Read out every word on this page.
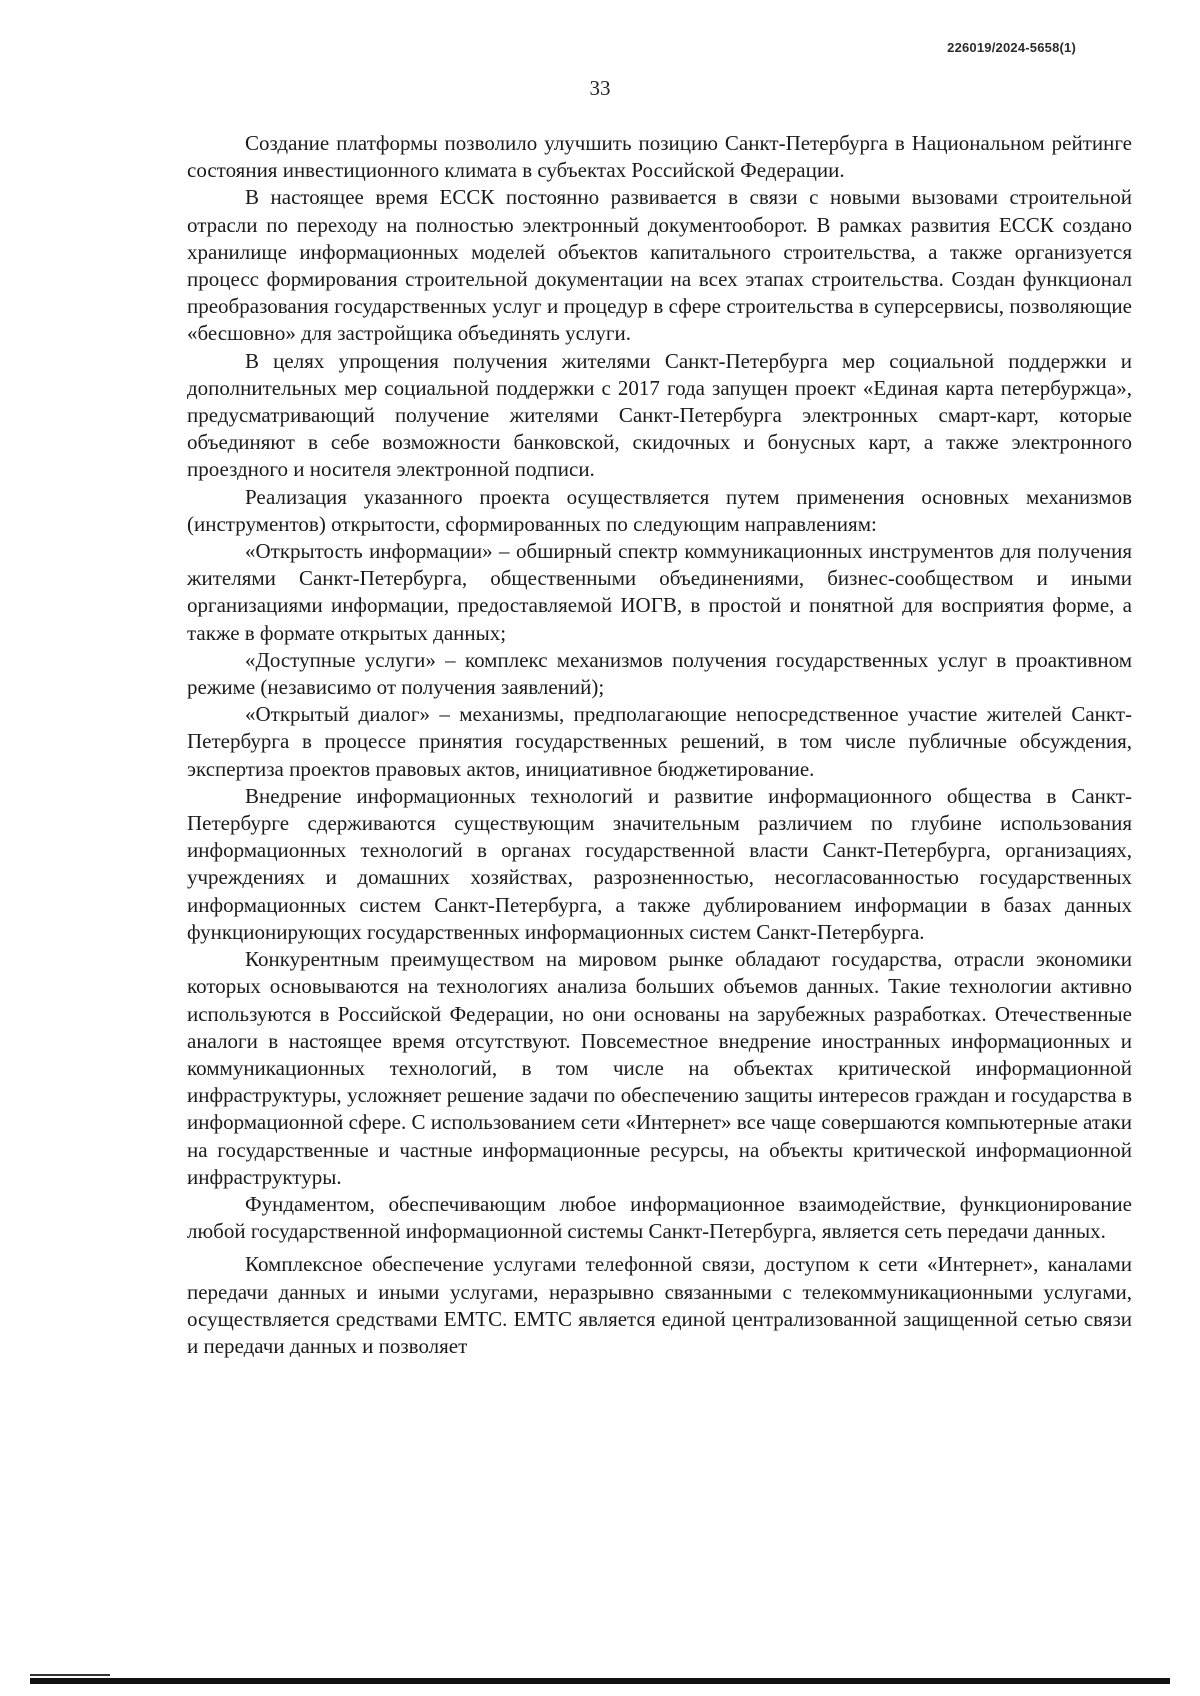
226019/2024-5658(1)
33

Создание платформы позволило улучшить позицию Санкт-Петербурга в Национальном рейтинге состояния инвестиционного климата в субъектах Российской Федерации.

В настоящее время ЕССК постоянно развивается в связи с новыми вызовами строительной отрасли по переходу на полностью электронный документооборот. В рамках развития ЕССК создано хранилище информационных моделей объектов капитального строительства, а также организуется процесс формирования строительной документации на всех этапах строительства. Создан функционал преобразования государственных услуг и процедур в сфере строительства в суперсервисы, позволяющие «бесшовно» для застройщика объединять услуги.

В целях упрощения получения жителями Санкт-Петербурга мер социальной поддержки и дополнительных мер социальной поддержки с 2017 года запущен проект «Единая карта петербуржца», предусматривающий получение жителями Санкт-Петербурга электронных смарт-карт, которые объединяют в себе возможности банковской, скидочных и бонусных карт, а также электронного проездного и носителя электронной подписи.

Реализация указанного проекта осуществляется путем применения основных механизмов (инструментов) открытости, сформированных по следующим направлениям:

«Открытость информации» – обширный спектр коммуникационных инструментов для получения жителями Санкт-Петербурга, общественными объединениями, бизнес-сообществом и иными организациями информации, предоставляемой ИОГВ, в простой и понятной для восприятия форме, а также в формате открытых данных;

«Доступные услуги» – комплекс механизмов получения государственных услуг в проактивном режиме (независимо от получения заявлений);

«Открытый диалог» – механизмы, предполагающие непосредственное участие жителей Санкт-Петербурга в процессе принятия государственных решений, в том числе публичные обсуждения, экспертиза проектов правовых актов, инициативное бюджетирование.

Внедрение информационных технологий и развитие информационного общества в Санкт-Петербурге сдерживаются существующим значительным различием по глубине использования информационных технологий в органах государственной власти Санкт-Петербурга, организациях, учреждениях и домашних хозяйствах, разрозненностью, несогласованностью государственных информационных систем Санкт-Петербурга, а также дублированием информации в базах данных функционирующих государственных информационных систем Санкт-Петербурга.

Конкурентным преимуществом на мировом рынке обладают государства, отрасли экономики которых основываются на технологиях анализа больших объемов данных. Такие технологии активно используются в Российской Федерации, но они основаны на зарубежных разработках. Отечественные аналоги в настоящее время отсутствуют. Повсеместное внедрение иностранных информационных и коммуникационных технологий, в том числе на объектах критической информационной инфраструктуры, усложняет решение задачи по обеспечению защиты интересов граждан и государства в информационной сфере. С использованием сети «Интернет» все чаще совершаются компьютерные атаки на государственные и частные информационные ресурсы, на объекты критической информационной инфраструктуры.

Фундаментом, обеспечивающим любое информационное взаимодействие, функционирование любой государственной информационной системы Санкт-Петербурга, является сеть передачи данных.

Комплексное обеспечение услугами телефонной связи, доступом к сети «Интернет», каналами передачи данных и иными услугами, неразрывно связанными с телекоммуникационными услугами, осуществляется средствами ЕМТС. ЕМТС является единой централизованной защищенной сетью связи и передачи данных и позволяет
